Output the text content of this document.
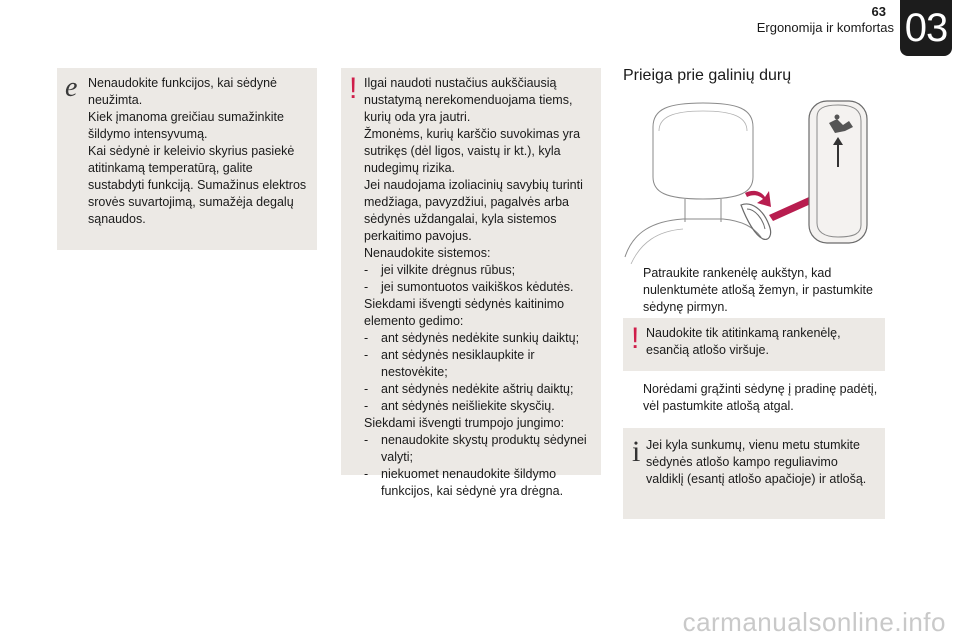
63
Ergonomija ir komfortas 03
e Nenaudokite funkcijos, kai sėdynė neužimta.
Kiek įmanoma greičiau sumažinkite šildymo intensyvumą.
Kai sėdynė ir keleivio skyrius pasiekė atitinkamą temperatūrą, galite sustabdyti funkciją. Sumažinus elektros srovės suvartojimą, sumažėja degalų sąnaudos.
! Ilgai naudoti nustačius aukščiausią nustatymą nerekomenduojama tiems, kurių oda yra jautri.
Žmonėms, kurių karščio suvokimas yra sutrikęs (dėl ligos, vaistų ir kt.), kyla nudegimų rizika.
Jei naudojama izoliacinių savybių turinti medžiaga, pavyzdžiui, pagalvės arba sėdynės uždangalai, kyla sistemos perkaitimo pavojus.
Nenaudokite sistemos:
-	jei vilkite drėgnus rūbus;
-	jei sumontuotos vaikiškos kėdutės.
Siekdami išvengti sėdynės kaitinimo elemento gedimo:
-	ant sėdynės nedėkite sunkių daiktų;
-	ant sėdynės nesiklaupkite ir nestovėkite;
-	ant sėdynės nedėkite aštrių daiktų;
-	ant sėdynės neišliekite skysčių.
Siekdami išvengti trumpojo jungimo:
-	nenaudokite skystų produktų sėdynei valyti;
-	niekuomet nenaudokite šildymo funkcijos, kai sėdynė yra drėgna.
Prieiga prie galinių durų
Patraukite rankenėlę aukštyn, kad nulenktumėte atlošą žemyn, ir pastumkite sėdynę pirmyn.
! Naudokite tik atitinkamą rankenėlę, esančią atlošo viršuje.
Norėdami grąžinti sėdynę į pradinę padėtį, vėl pastumkite atlošą atgal.
i Jei kyla sunkumų, vienu metu stumkite sėdynės atlošo kampo reguliavimo valdiklį (esantį atlošo apačioje) ir atlošą.
carmanualsonline.info
